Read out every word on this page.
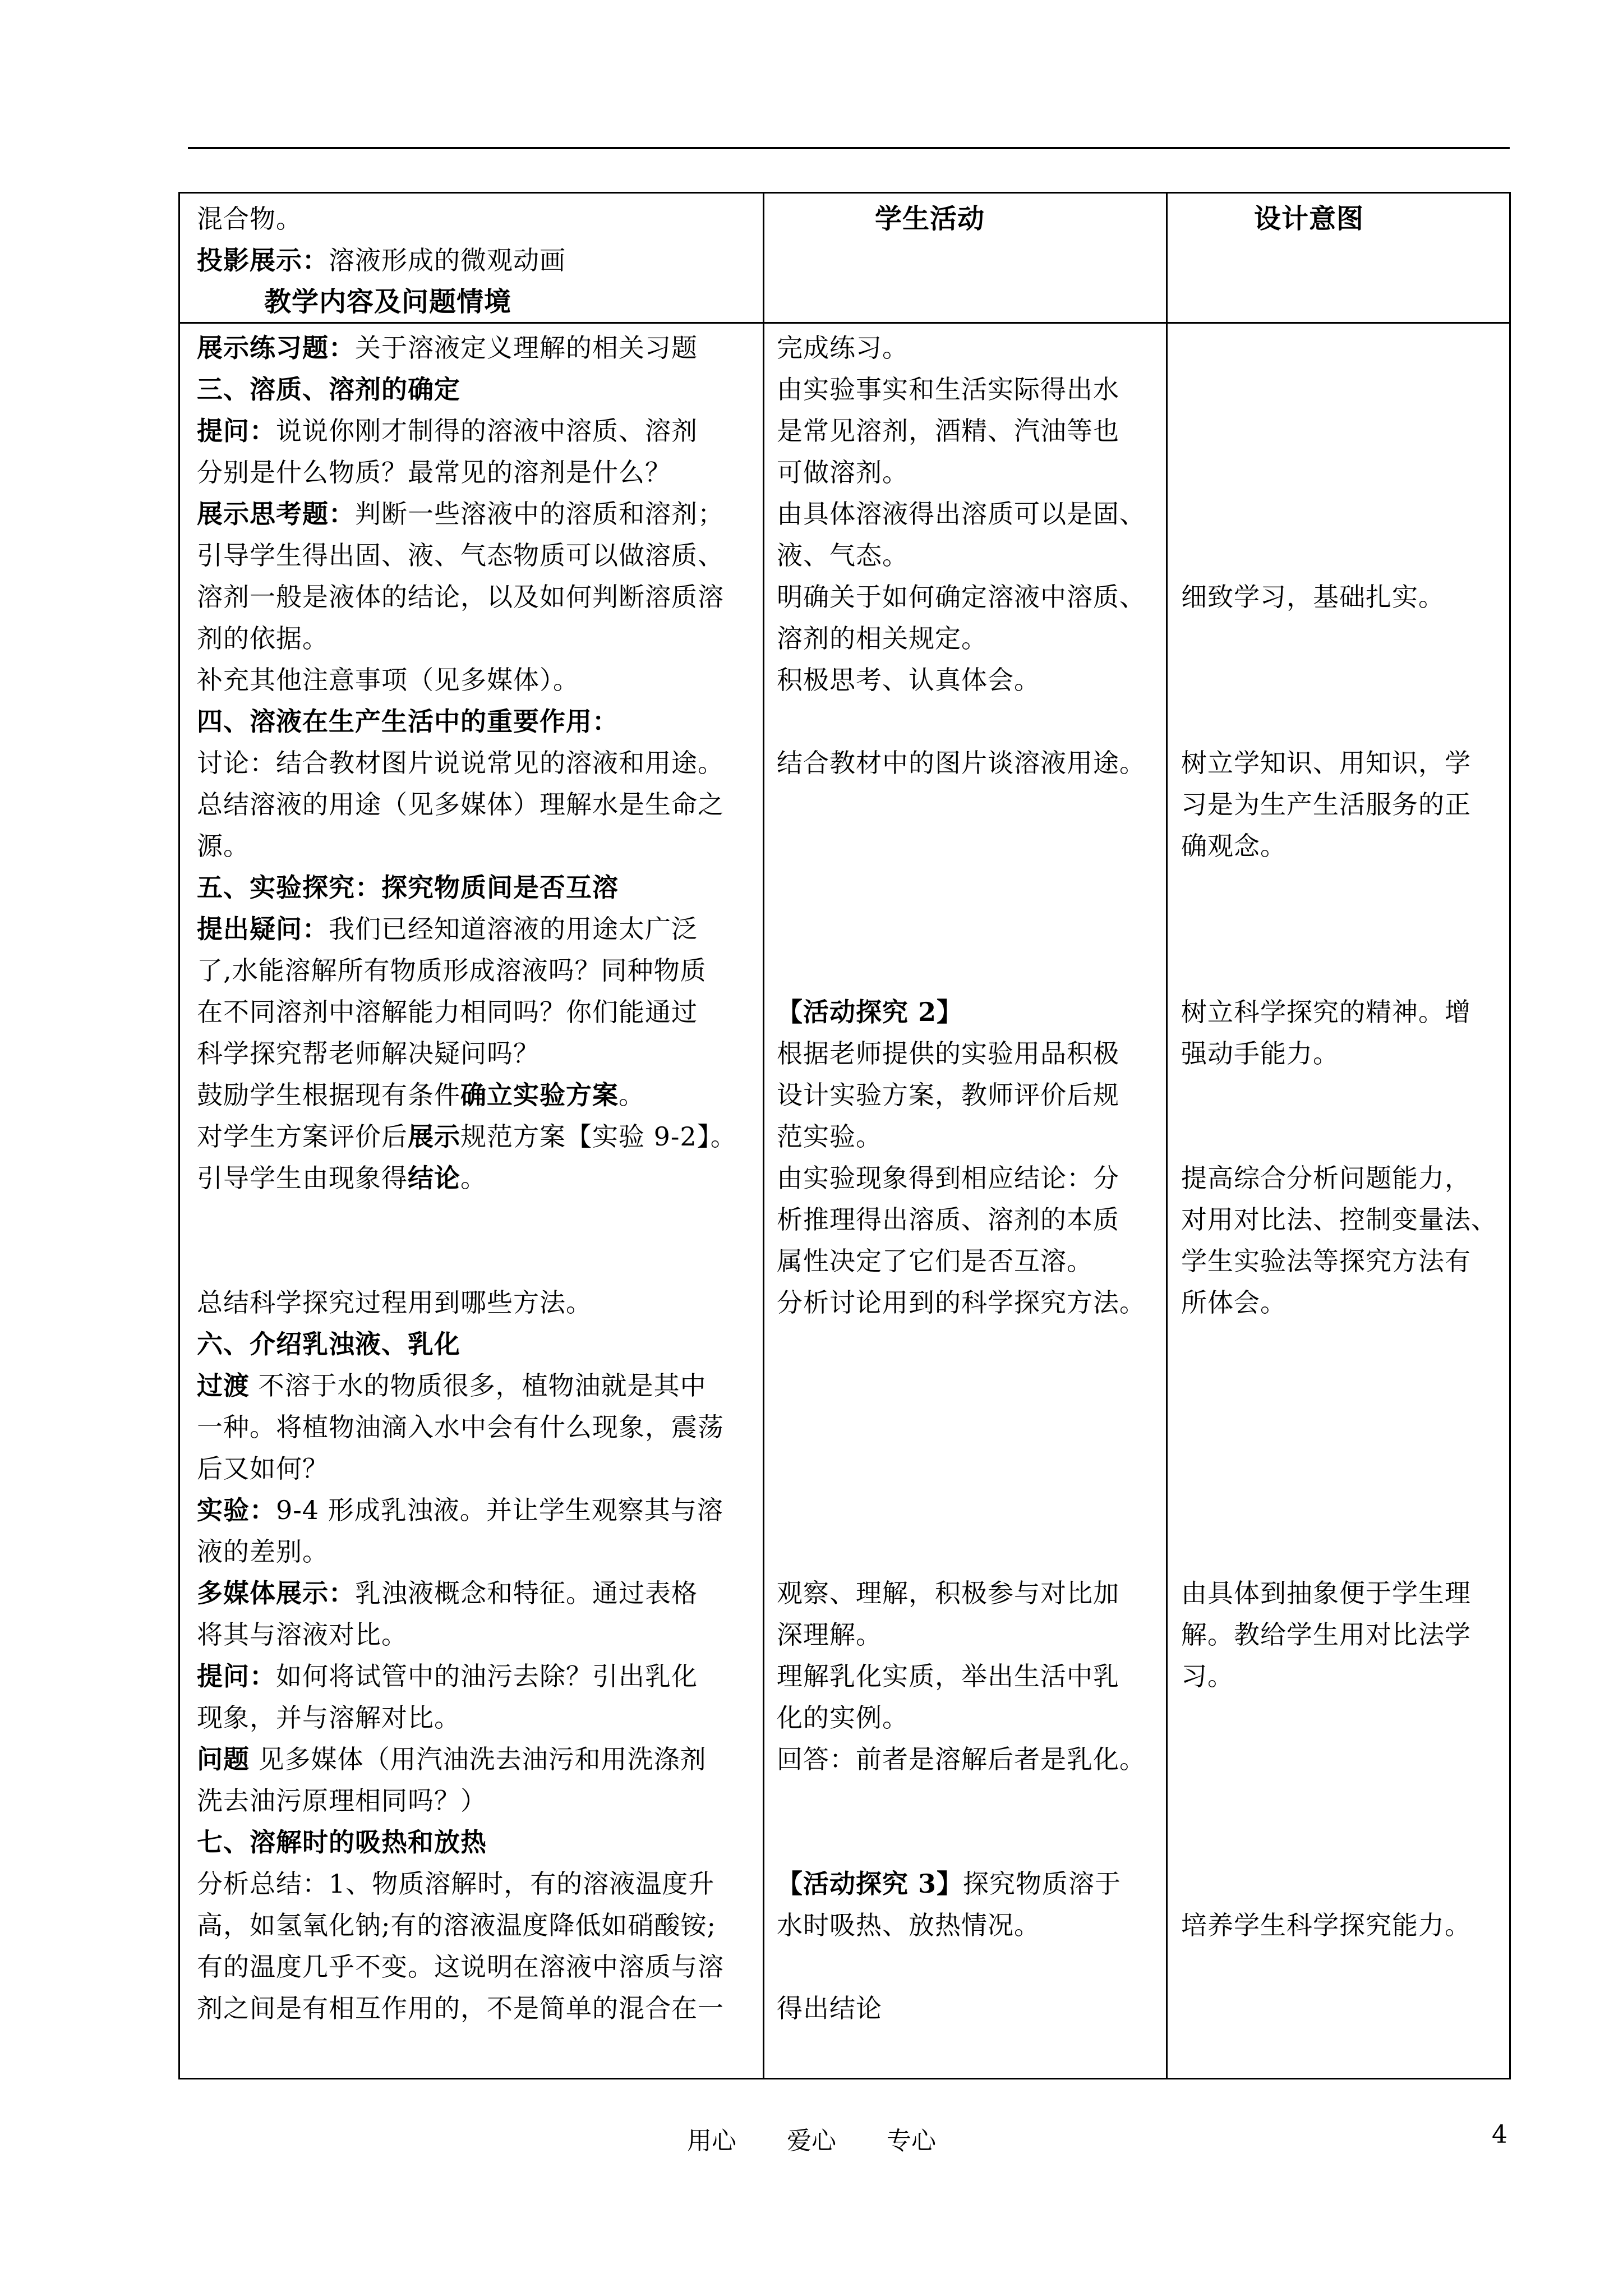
混合物。
投影展示：溶液形成的微观动画
教学内容及问题情境
学生活动	设计意图
展示练习题：关于溶液定义理解的相关习题
三、溶质、溶剂的确定
提问：说说你刚才制得的溶液中溶质、溶剂
分别是什么物质？最常见的溶剂是什么？
展示思考题：判断一些溶液中的溶质和溶剂；
引导学生得出固、液、气态物质可以做溶质、
溶剂一般是液体的结论，以及如何判断溶质溶
剂的依据。
补充其他注意事项（见多媒体）。
四、溶液在生产生活中的重要作用：
讨论：结合教材图片说说常见的溶液和用途。
总结溶液的用途（见多媒体）理解水是生命之
源。
五、实验探究：探究物质间是否互溶
提出疑问：我们已经知道溶液的用途太广泛
了,水能溶解所有物质形成溶液吗？同种物质
在不同溶剂中溶解能力相同吗？你们能通过
科学探究帮老师解决疑问吗？
鼓励学生根据现有条件确立实验方案。
对学生方案评价后展示规范方案【实验 9-2】。
引导学生由现象得结论。
总结科学探究过程用到哪些方法。
六、介绍乳浊液、乳化
过渡 不溶于水的物质很多，植物油就是其中
一种。将植物油滴入水中会有什么现象，震荡
后又如何？
实验：9-4 形成乳浊液。并让学生观察其与溶
液的差别。
多媒体展示：乳浊液概念和特征。通过表格
将其与溶液对比。
提问：如何将试管中的油污去除？引出乳化
现象，并与溶解对比。
问题 见多媒体（用汽油洗去油污和用洗涤剂
洗去油污原理相同吗？）
七、溶解时的吸热和放热
分析总结：1、物质溶解时，有的溶液温度升
高，如氢氧化钠;有的溶液温度降低如硝酸铵;
有的温度几乎不变。这说明在溶液中溶质与溶
剂之间是有相互作用的，不是简单的混合在一
完成练习。
由实验事实和生活实际得出水
是常见溶剂，酒精、汽油等也
可做溶剂。
由具体溶液得出溶质可以是固、
液、气态。
明确关于如何确定溶液中溶质、
溶剂的相关规定。
积极思考、认真体会。
结合教材中的图片谈溶液用途。
【活动探究 2】
根据老师提供的实验用品积极
设计实验方案，教师评价后规
范实验。
由实验现象得到相应结论：分
析推理得出溶质、溶剂的本质
属性决定了它们是否互溶。
分析讨论用到的科学探究方法。
观察、理解，积极参与对比加
深理解。
理解乳化实质，举出生活中乳
化的实例。
回答：前者是溶解后者是乳化。
【活动探究 3】探究物质溶于
水时吸热、放热情况。
得出结论
细致学习，基础扎实。
树立学知识、用知识，学
习是为生产生活服务的正
确观念。
树立科学探究的精神。增
强动手能力。
提高综合分析问题能力，
对用对比法、控制变量法、
学生实验法等探究方法有
所体会。
由具体到抽象便于学生理
解。教给学生用对比法学
习。
培养学生科学探究能力。
用心 爱心 专心	4
